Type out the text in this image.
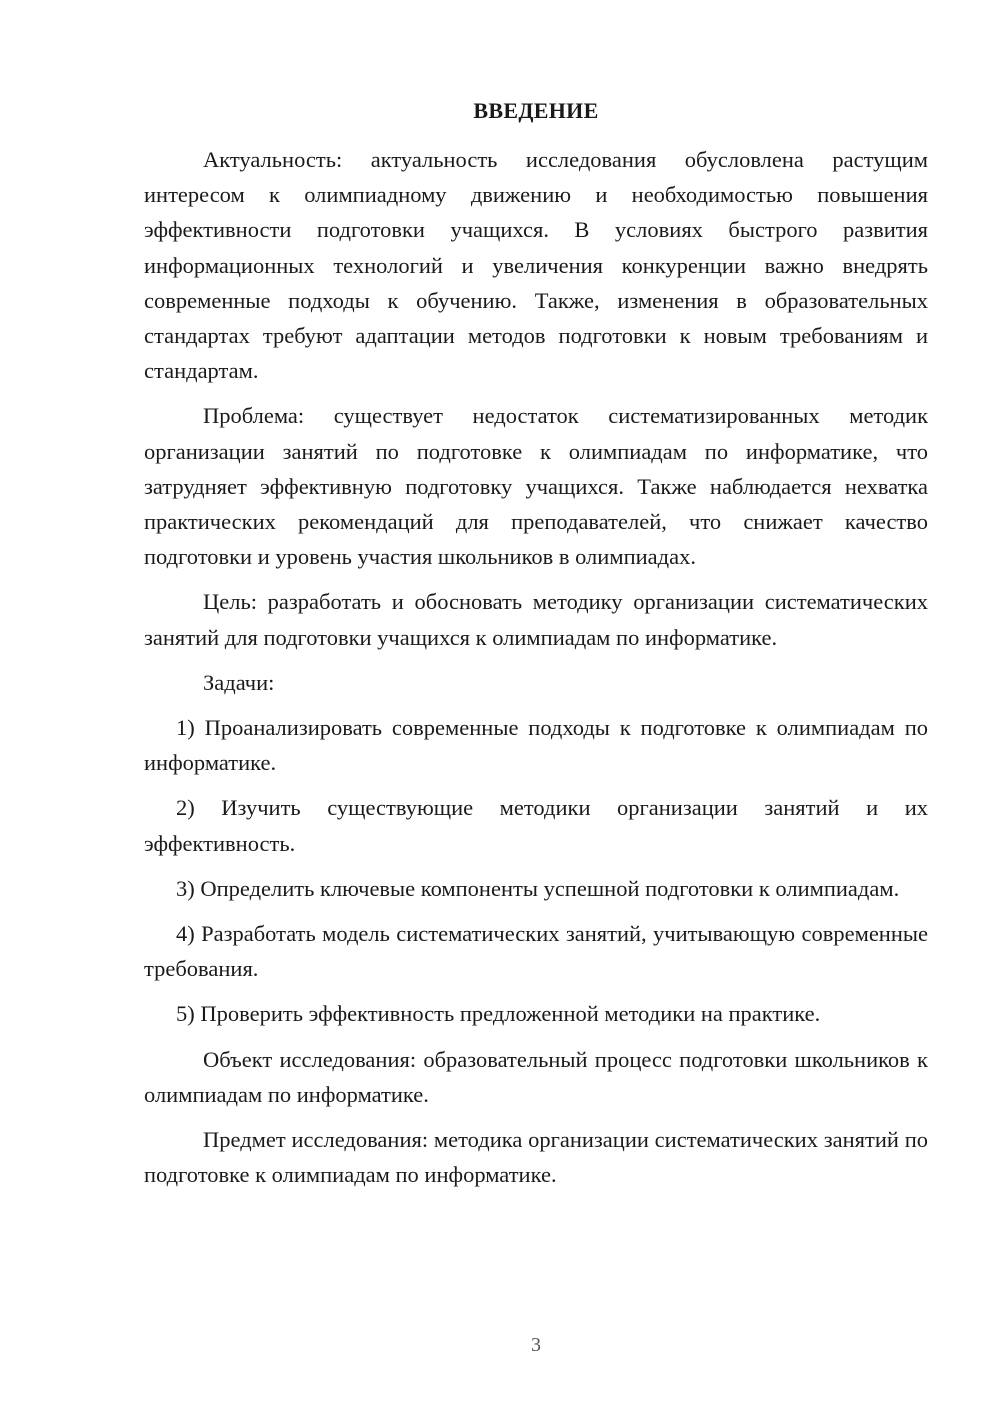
ВВЕДЕНИЕ

Актуальность: актуальность исследования обусловлена растущим интересом к олимпиадному движению и необходимостью повышения эффективности подготовки учащихся. В условиях быстрого развития информационных технологий и увеличения конкуренции важно внедрять современные подходы к обучению. Также, изменения в образовательных стандартах требуют адаптации методов подготовки к новым требованиям и стандартам.

Проблема: существует недостаток систематизированных методик организации занятий по подготовке к олимпиадам по информатике, что затрудняет эффективную подготовку учащихся. Также наблюдается нехватка практических рекомендаций для преподавателей, что снижает качество подготовки и уровень участия школьников в олимпиадах.

Цель: разработать и обосновать методику организации систематических занятий для подготовки учащихся к олимпиадам по информатике.

Задачи:

1) Проанализировать современные подходы к подготовке к олимпиадам по информатике.

2) Изучить существующие методики организации занятий и их эффективность.

3) Определить ключевые компоненты успешной подготовки к олимпиадам.

4) Разработать модель систематических занятий, учитывающую современные требования.

5) Проверить эффективность предложенной методики на практике.

Объект исследования: образовательный процесс подготовки школьников к олимпиадам по информатике.

Предмет исследования: методика организации систематических занятий по подготовке к олимпиадам по информатике.

3
